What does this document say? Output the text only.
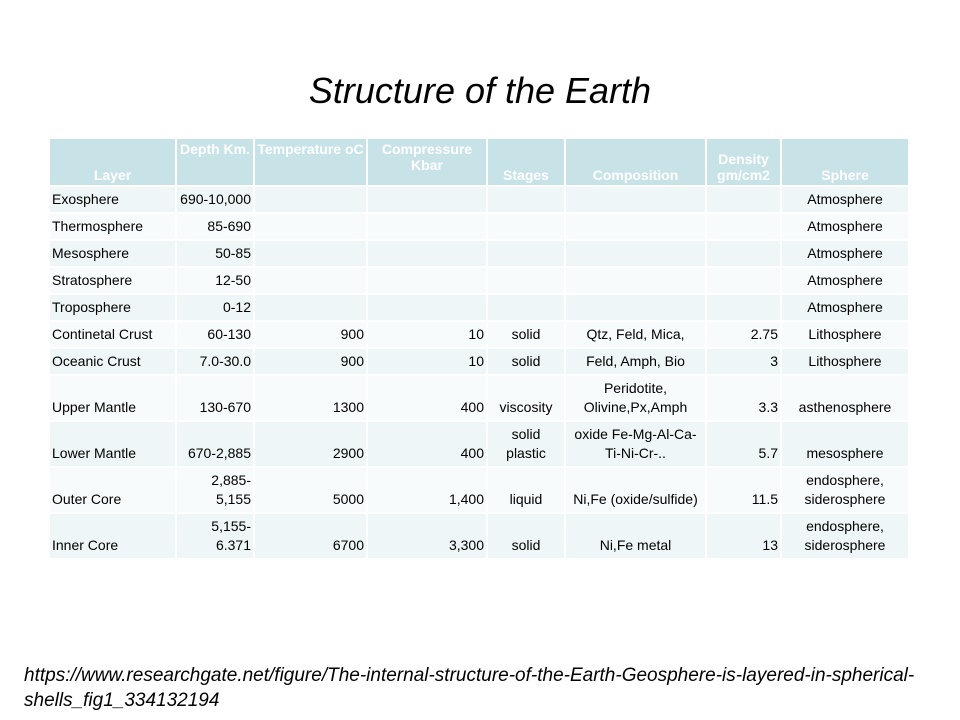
Structure of the Earth
Layer	Depth Km.	Temperature oC	Compressure Kbar	Stages	Composition	Density gm/cm2	Sphere
Exosphere	690-10,000						Atmosphere
Thermosphere	85-690						Atmosphere
Mesosphere	50-85						Atmosphere
Stratosphere	12-50						Atmosphere
Troposphere	0-12						Atmosphere
Continetal Crust	60-130	900	10	solid	Qtz, Feld, Mica,	2.75	Lithosphere
Oceanic Crust	7.0-30.0	900	10	solid	Feld, Amph, Bio	3	Lithosphere
Upper Mantle	130-670	1300	400	viscosity	Peridotite, Olivine,Px,Amph	3.3	asthenosphere
Lower Mantle	670-2,885	2900	400	solid plastic	oxide Fe-Mg-Al-Ca-Ti-Ni-Cr-..	5.7	mesosphere
Outer Core	2,885-5,155	5000	1,400	liquid	Ni,Fe (oxide/sulfide)	11.5	endosphere, siderosphere
Inner Core	5,155-6.371	6700	3,300	solid	Ni,Fe metal	13	endosphere, siderosphere
https://www.researchgate.net/figure/The-internal-structure-of-the-Earth-Geosphere-is-layered-in-spherical-shells_fig1_334132194
